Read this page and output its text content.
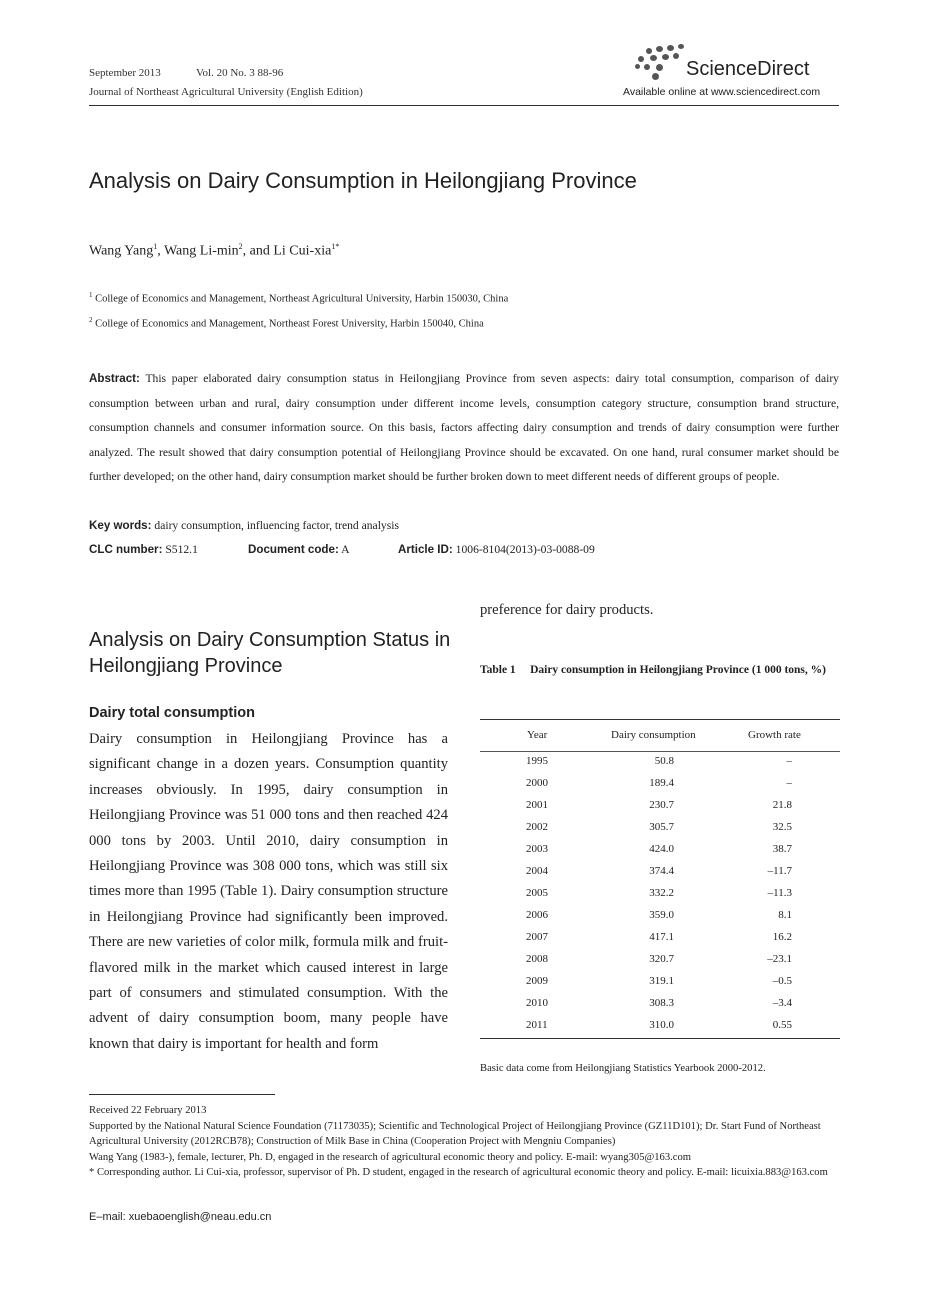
September 2013	Vol. 20 No. 3 88-96
Journal of Northeast Agricultural University (English Edition)
ScienceDirect
Available online at www.sciencedirect.com
Analysis on Dairy Consumption in Heilongjiang Province
Wang Yang$^1$, Wang $Li-\min^2$, and Li Cui-xia$^{1*}$
$^1$ College of Economics and Management, Northeast Agricultural University, Harbin 150030, China
$^2$ College of Economics and Management, Northeast Forest University, Harbin 150040, China
Abstract: This paper elaborated dairy consumption status in Heilongjiang Province from seven aspects: dairy total consumption, comparison of dairy consumption between urban and rural, dairy consumption under different income levels, consumption category structure, consumption brand structure, consumption channels and consumer information source. On this basis, factors affecting dairy consumption and trends of dairy consumption were further analyzed. The result showed that dairy consumption potential of Heilongjiang Province should be excavated. On one hand, rural consumer market should be further developed; on the other hand, dairy consumption market should be further broken down to meet different needs of different groups of people.
Key words: dairy consumption, influencing factor, trend analysis
CLC number: S512.1	Document code: A	Article ID: 1006-8104(2013)-03-0088-09
Analysis on Dairy Consumption Status in Heilongjiang Province
Dairy total consumption
Dairy consumption in Heilongjiang Province has a significant change in a dozen years. Consumption quantity increases obviously. In 1995, dairy consumption in Heilongjiang Province was 51 000 tons and then reached 424 000 tons by 2003. Until 2010, dairy consumption in Heilongjiang Province was 308 000 tons, which was still six times more than 1995 (Table 1). Dairy consumption structure in Heilongjiang Province had significantly been improved. There are new varieties of color milk, formula milk and fruit-flavored milk in the market which caused interest in large part of consumers and stimulated consumption. With the advent of dairy consumption boom, many people have known that dairy is important for health and form
preference for dairy products.
Table 1 Dairy consumption in Heilongjiang Province (1 000 tons, %)
Year	Dairy consumption	Growth rate
1995	50.8	–
2000	189.4	–
2001	230.7	21.8
2002	305.7	32.5
2003	424.0	38.7
2004	374.4	–11.7
2005	332.2	–11.3
2006	359.0	8.1
2007	417.1	16.2
2008	320.7	–23.1
2009	319.1	–0.5
2010	308.3	–3.4
2011	310.0	0.55
Basic data come from Heilongjiang Statistics Yearbook 2000-2012.
Received 22 February 2013
Supported by the National Natural Science Foundation (71173035); Scientific and Technological Project of Heilongjiang Province (GZ11D101); Dr. Start Fund of Northeast Agricultural University (2012RCB78); Construction of Milk Base in China (Cooperation Project with Mengniu Companies)
Wang Yang (1983-), female, lecturer, Ph. D, engaged in the research of agricultural economic theory and policy. E-mail: wyang305@163.com
* Corresponding author. Li Cui-xia, professor, supervisor of Ph. D student, engaged in the research of agricultural economic theory and policy. E-mail: licuixia.883@163.com
E–mail: xuebaoenglish@neau.edu.cn
